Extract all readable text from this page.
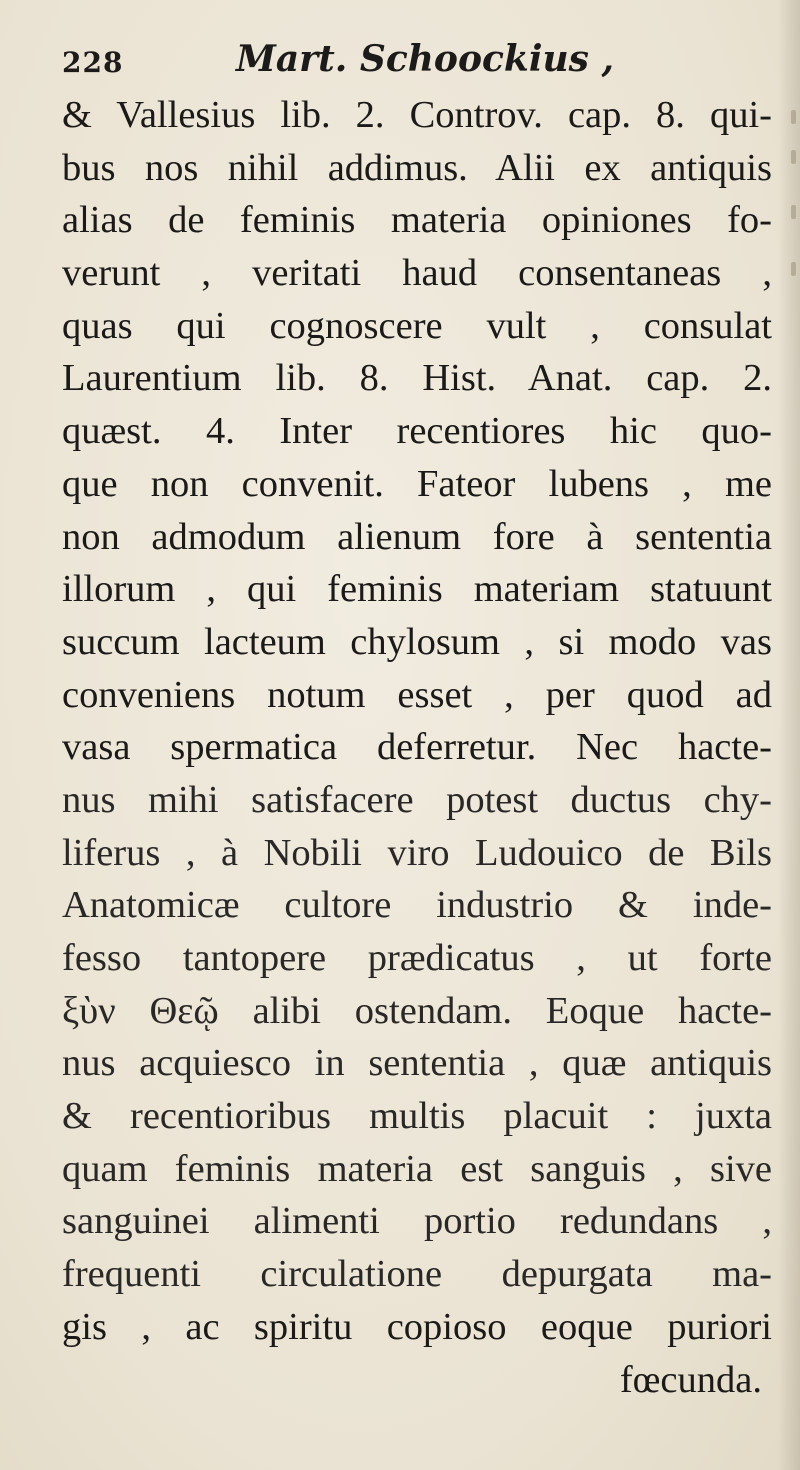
228	Mart. Schoockius ,
& Vallesius lib. 2. Controv. cap. 8. qui-
bus nos nihil addimus. Alii ex antiquis
alias de feminis materia opiniones fo-
verunt , veritati haud consentaneas ,
quas qui cognoscere vult , consulat
Laurentium lib. 8. Hist. Anat. cap. 2.
quæst. 4. Inter recentiores hic quo-
que non convenit. Fateor lubens , me
non admodum alienum fore à sententia
illorum , qui feminis materiam statuunt
succum lacteum chylosum , si modo vas
conveniens notum esset , per quod ad
vasa spermatica deferretur. Nec hacte-
nus mihi satisfacere potest ductus chy-
liferus , à Nobili viro Ludouico de Bils
Anatomicæ cultore industrio & inde-
fesso tantopere prædicatus , ut forte
ξὺν Θεῷ alibi ostendam. Eoque hacte-
nus acquiesco in sententia , quæ antiquis
& recentioribus multis placuit : juxta
quam feminis materia est sanguis , sive
sanguinei alimenti portio redundans ,
frequenti circulatione depurgata ma-
gis , ac spiritu copioso eoque puriori
fœcunda.
